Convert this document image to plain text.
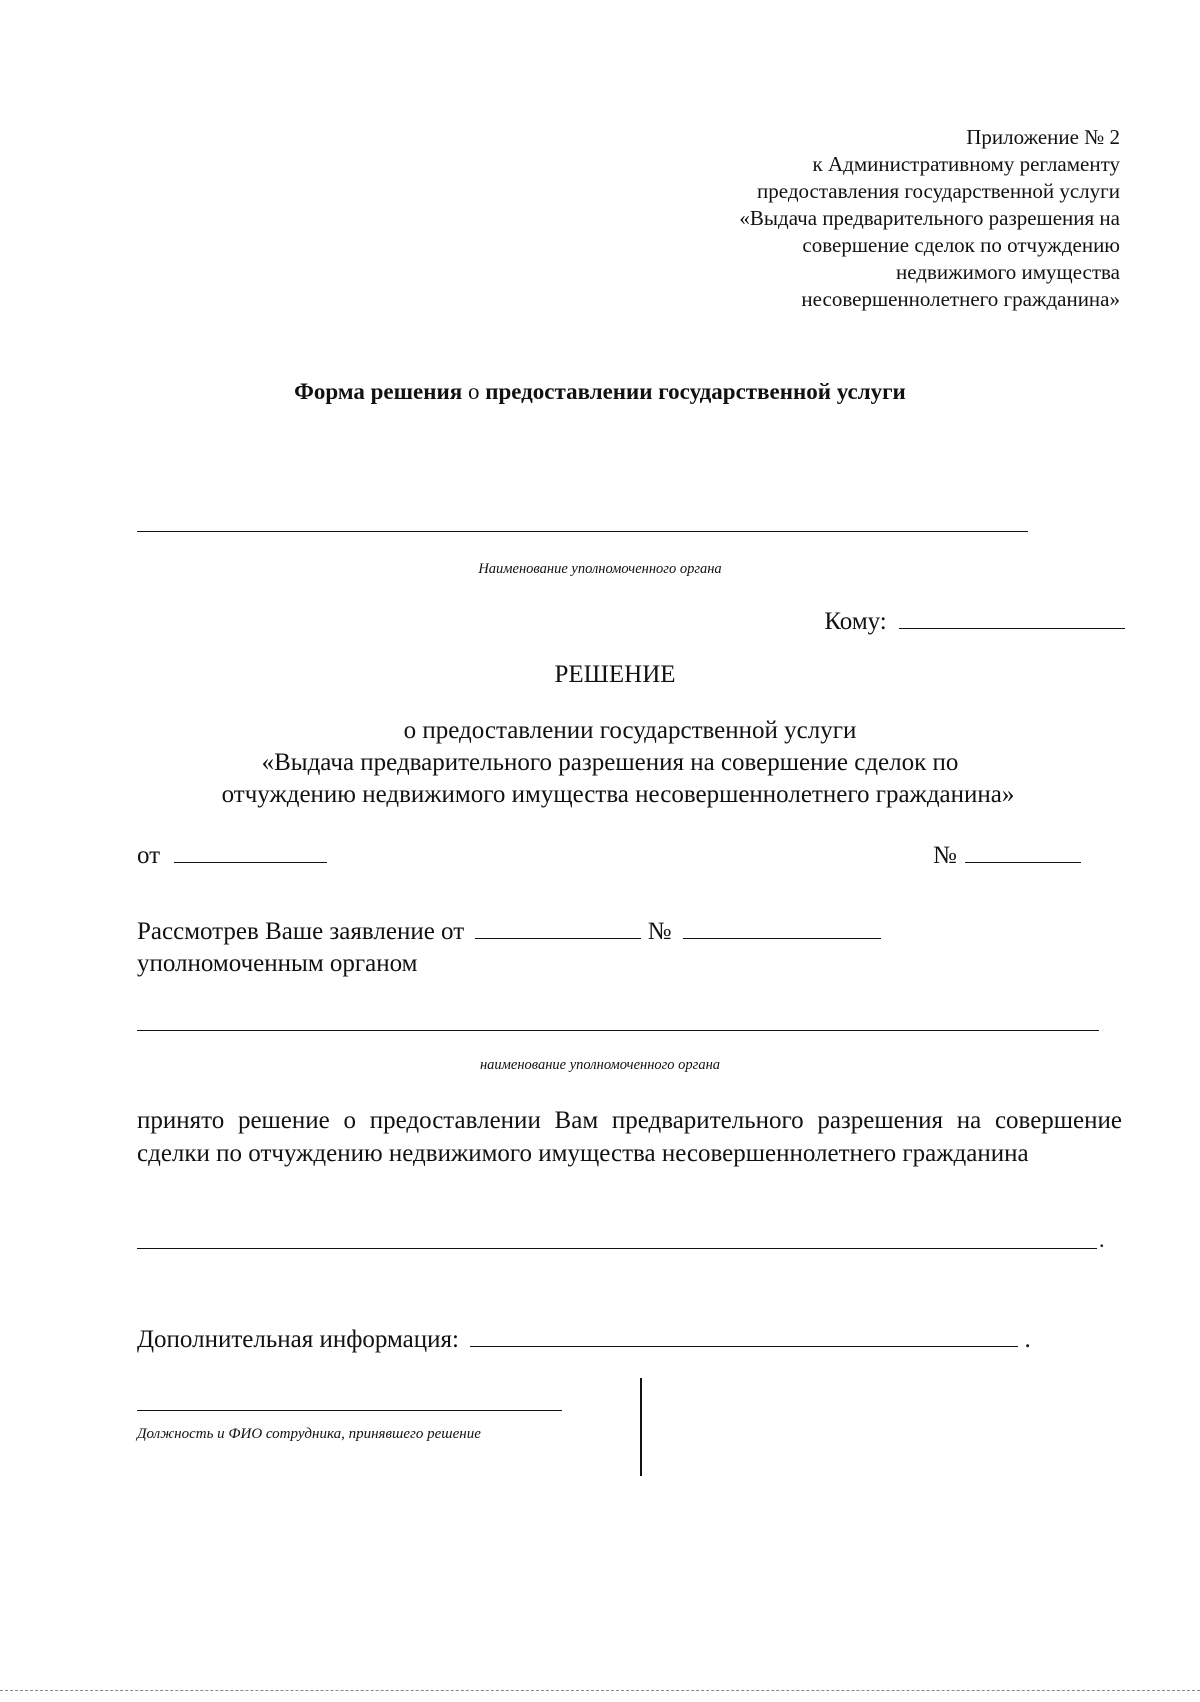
Приложение № 2
к Административному регламенту
предоставления государственной услуги
«Выдача предварительного разрешения на
совершение сделок по отчуждению
недвижимого имущества
несовершеннолетнего гражданина»
Форма решения о предоставлении государственной услуги
Наименование уполномоченного органа
Кому:
РЕШЕНИЕ
о предоставлении государственной услуги
«Выдача предварительного разрешения на совершение сделок по
отчуждению недвижимого имущества несовершеннолетнего гражданина»
от	№
Рассмотрев Ваше заявление от	№
уполномоченным органом
наименование уполномоченного органа
принято решение о предоставлении Вам предварительного разрешения на совершение сделки по отчуждению недвижимого имущества несовершеннолетнего гражданина
.
Дополнительная информация:	.
Должность и ФИО сотрудника, принявшего решение
